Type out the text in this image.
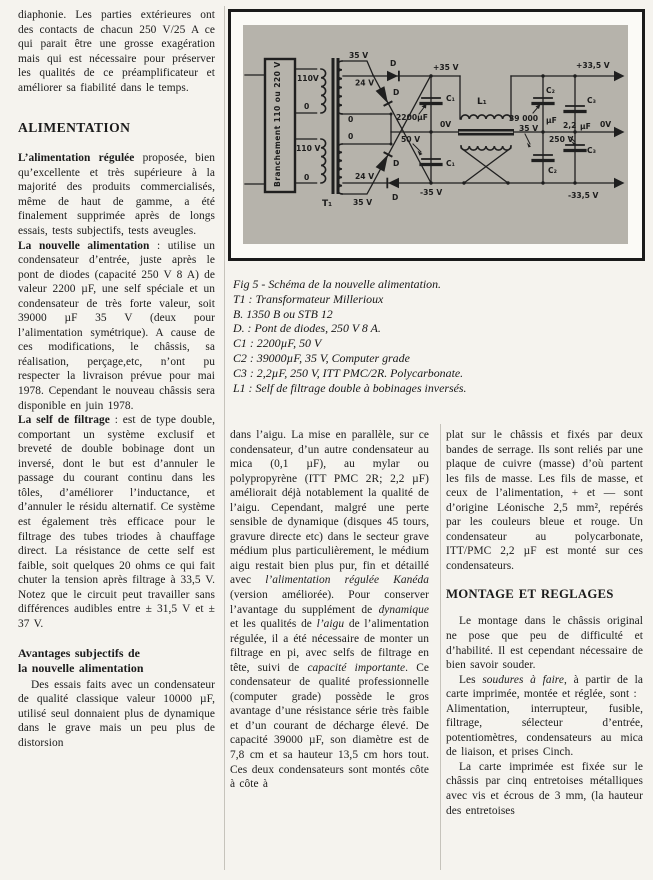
diaphonie. Les parties extérieures ont des contacts de chacun 250 V/25 A ce qui parait être une grosse exagération mais qui est nécessaire pour préserver les qualités de ce préamplificateur et améliorer sa fiabilité dans le temps.

ALIMENTATION

L’alimentation régulée proposée, bien qu’excellente et très supérieure à la majorité des produits commercialisés, même de haut de gamme, a été finalement supprimée après de longs essais, tests subjectifs, tests aveugles.

La nouvelle alimentation : utilise un condensateur d’entrée, juste après le pont de diodes (capacité 250 V 8 A) de valeur 2200 µF, une self spéciale et un condensateur de très forte valeur, soit 39000 µF 35 V (deux pour l’alimentation symétrique). A cause de ces modifications, le châssis, sa réalisation, perçage,etc, n’ont pu respecter la livraison prévue pour mai 1978. Cependant le nouveau châssis sera disponible en juin 1978.

La self de filtrage : est de type double, comportant un système exclusif et breveté de double bobinage dont un inversé, dont le but est d’annuler le passage du courant continu dans les tôles, d’améliorer l’inductance, et d’annuler le résidu alternatif. Ce système est également très efficace pour le filtrage des tubes triodes à chauffage direct. La résistance de cette self est faible, soit quelques 20 ohms ce qui fait chuter la tension après filtrage à 33,5 V. Notez que le circuit peut travailler sans différences audibles entre ± 31,5 V et ± 37 V.

Avantages subjectifs de
la nouvelle alimentation

Des essais faits avec un condensateur de qualité classique valeur 10000 µF, utilisé seul donnaient plus de dynamique dans le grave mais un peu plus de distorsion

Branchement 110 ou 220 V 110V
0
110 V
0
T₁
35 V
24 V
0
0
24 V
35 V
D
D
D
D
+35 V
C₁
2200µF
0V
50 V
C₁
-35 V
L₁
C₂
39 000 µF
35 V
C₂
C₃
2,2 µF
250 V
C₃
+33,5 V
0V
-33,5 V
Fig 5 - Schéma de la nouvelle alimentation.
T1 : Transformateur Millerioux
B. 1350 B ou STB 12
D. : Pont de diodes, 250 V 8 A.
C1 : 2200µF, 50 V
C2 : 39000µF, 35 V, Computer grade
C3 : 2,2µF, 250 V, ITT PMC/2R. Polycarbonate.
L1 : Self de filtrage double à bobinages inversés.

dans l’aigu. La mise en parallèle, sur ce condensateur, d’un autre condensateur au mica (0,1 µF), au mylar ou polypropyrène (ITT PMC 2R; 2,2 µF) améliorait déjà notablement la qualité de l’aigu. Cependant, malgré une perte sensible de dynamique (disques 45 tours, gravure directe etc) dans le secteur grave médium plus particulièrement, le médium aigu restait bien plus pur, fin et détaillé avec l’alimentation régulée Kanéda (version améliorée). Pour conserver l’avantage du supplément de dynamique et les qualités de l’aigu de l’alimentation régulée, il a été nécessaire de monter un filtrage en pi, avec selfs de filtrage en tête, suivi de capacité importante. Ce condensateur de qualité professionnelle (computer grade) possède le gros avantage d’une résistance série très faible et d’un courant de décharge élevé. De capacité 39000 µF, son diamètre est de 7,8 cm et sa hauteur 13,5 cm hors tout. Ces deux condensateurs sont montés côte à côte à

plat sur le châssis et fixés par deux bandes de serrage. Ils sont reliés par une plaque de cuivre (masse) d’où partent les fils de masse. Les fils de masse, et ceux de l’alimentation, + et — sont d’origine Léonische 2,5 mm², repérés par les couleurs bleue et rouge. Un condensateur au polycarbonate, ITT/PMC 2,2 µF est monté sur ces condensateurs.

MONTAGE ET REGLAGES

Le montage dans le châssis original ne pose que peu de difficulté et d’habilité. Il est cependant nécessaire de bien savoir souder.

Les soudures à faire, à partir de la carte imprimée, montée et réglée, sont :

Alimentation, interrupteur, fusible, filtrage, sélecteur d’entrée, potentiomètres, condensateurs au mica de liaison, et prises Cinch.

La carte imprimée est fixée sur le châssis par cinq entretoises métalliques avec vis et écrous de 3 mm, (la hauteur des entretoises
